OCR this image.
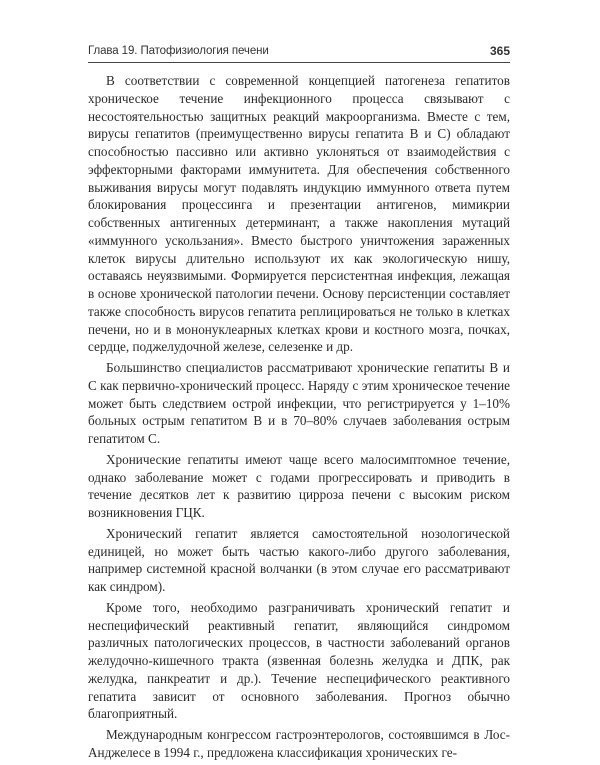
Глава 19. Патофизиология печени	365

В соответствии с современной концепцией патогенеза гепатитов хроническое течение инфекционного процесса связывают с несостоятельностью защитных реакций макроорганизма. Вместе с тем, вирусы гепатитов (преимущественно вирусы гепатита В и С) обладают способностью пассивно или активно уклоняться от взаимодействия с эффекторными факторами иммунитета. Для обеспечения собственного выживания вирусы могут подавлять индукцию иммунного ответа путем блокирования процессинга и презентации антигенов, мимикрии собственных антигенных детерминант, а также накопления мутаций «иммунного ускользания». Вместо быстрого уничтожения зараженных клеток вирусы длительно используют их как экологическую нишу, оставаясь неуязвимыми. Формируется персистентная инфекция, лежащая в основе хронической патологии печени. Основу персистенции составляет также способность вирусов гепатита реплицироваться не только в клетках печени, но и в мононуклеарных клетках крови и костного мозга, почках, сердце, поджелудочной железе, селезенке и др.

Большинство специалистов рассматривают хронические гепатиты В и С как первично-хронический процесс. Наряду с этим хроническое течение может быть следствием острой инфекции, что регистрируется у 1–10% больных острым гепатитом В и в 70–80% случаев заболевания острым гепатитом С.

Хронические гепатиты имеют чаще всего малосимптомное течение, однако заболевание может с годами прогрессировать и приводить в течение десятков лет к развитию цирроза печени с высоким риском возникновения ГЦК.

Хронический гепатит является самостоятельной нозологической единицей, но может быть частью какого-либо другого заболевания, например системной красной волчанки (в этом случае его рассматривают как синдром).

Кроме того, необходимо разграничивать хронический гепатит и неспецифический реактивный гепатит, являющийся синдромом различных патологических процессов, в частности заболеваний органов желудочно-кишечного тракта (язвенная болезнь желудка и ДПК, рак желудка, панкреатит и др.). Течение неспецифического реактивного гепатита зависит от основного заболевания. Прогноз обычно благоприятный.

Международным конгрессом гастроэнтерологов, состоявшимся в Лос-Анджелесе в 1994 г., предложена классификация хронических ге-
